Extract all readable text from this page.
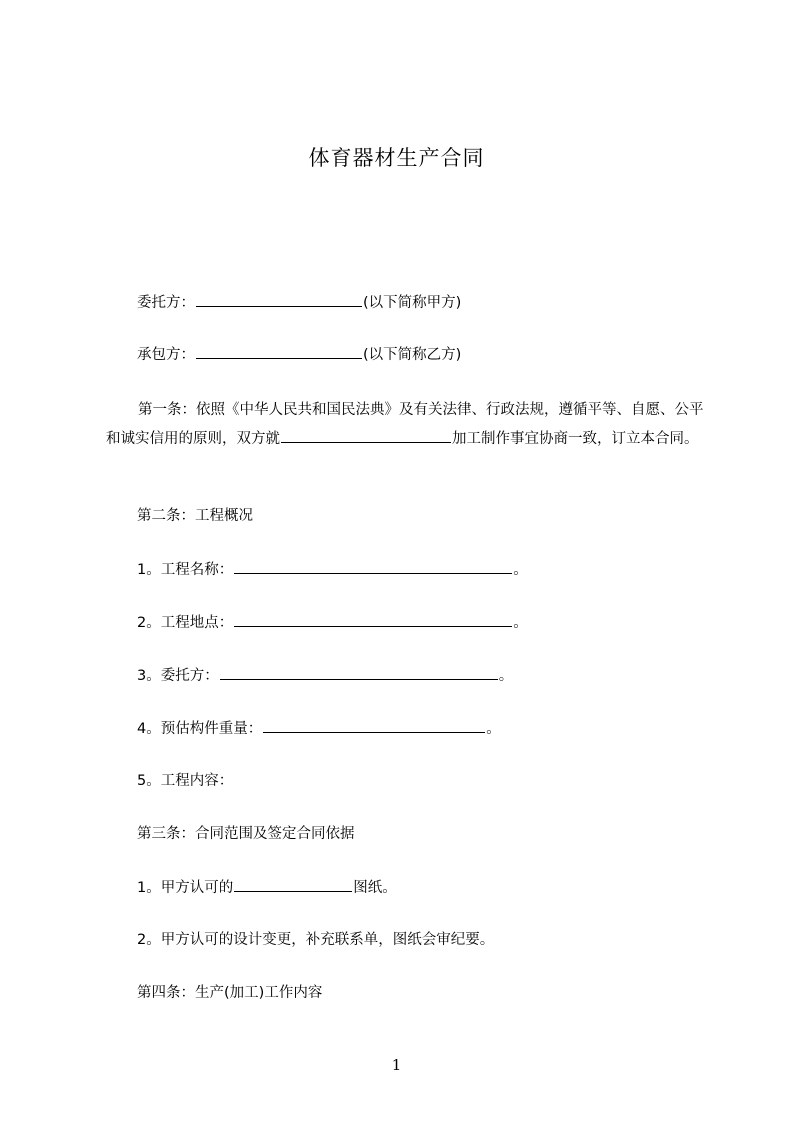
体育器材生产合同
委托方：	(以下简称甲方)
承包方：	(以下简称乙方)
第一条：依照《中华人民共和国民法典》及有关法律、行政法规，遵循平等、自愿、公平和诚实信用的原则，双方就	加工制作事宜协商一致，订立本合同。
第二条：工程概况
1。工程名称：	。
2。工程地点：	。
3。委托方：	。
4。预估构件重量：	。
5。工程内容：
第三条：合同范围及签定合同依据
1。甲方认可的	图纸。
2。甲方认可的设计变更，补充联系单，图纸会审纪要。
第四条：生产(加工)工作内容
1
